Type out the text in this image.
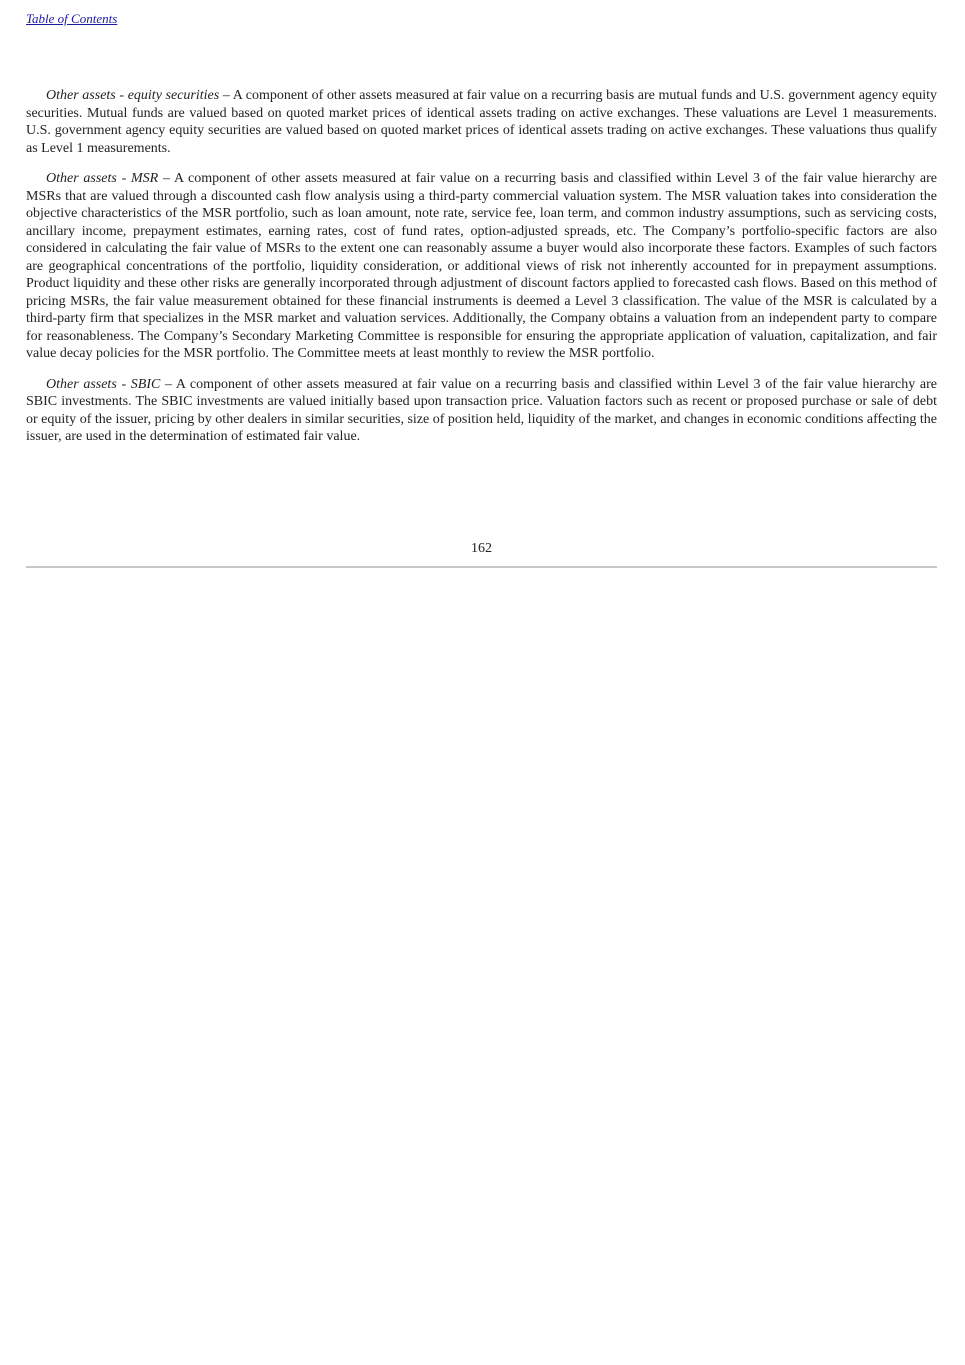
Table of Contents

Other assets - equity securities – A component of other assets measured at fair value on a recurring basis are mutual funds and U.S. government agency equity securities. Mutual funds are valued based on quoted market prices of identical assets trading on active exchanges. These valuations are Level 1 measurements. U.S. government agency equity securities are valued based on quoted market prices of identical assets trading on active exchanges. These valuations thus qualify as Level 1 measurements.

Other assets - MSR – A component of other assets measured at fair value on a recurring basis and classified within Level 3 of the fair value hierarchy are MSRs that are valued through a discounted cash flow analysis using a third-party commercial valuation system. The MSR valuation takes into consideration the objective characteristics of the MSR portfolio, such as loan amount, note rate, service fee, loan term, and common industry assumptions, such as servicing costs, ancillary income, prepayment estimates, earning rates, cost of fund rates, option-adjusted spreads, etc. The Company’s portfolio-specific factors are also considered in calculating the fair value of MSRs to the extent one can reasonably assume a buyer would also incorporate these factors. Examples of such factors are geographical concentrations of the portfolio, liquidity consideration, or additional views of risk not inherently accounted for in prepayment assumptions. Product liquidity and these other risks are generally incorporated through adjustment of discount factors applied to forecasted cash flows. Based on this method of pricing MSRs, the fair value measurement obtained for these financial instruments is deemed a Level 3 classification. The value of the MSR is calculated by a third-party firm that specializes in the MSR market and valuation services. Additionally, the Company obtains a valuation from an independent party to compare for reasonableness. The Company’s Secondary Marketing Committee is responsible for ensuring the appropriate application of valuation, capitalization, and fair value decay policies for the MSR portfolio. The Committee meets at least monthly to review the MSR portfolio.

Other assets - SBIC – A component of other assets measured at fair value on a recurring basis and classified within Level 3 of the fair value hierarchy are SBIC investments. The SBIC investments are valued initially based upon transaction price. Valuation factors such as recent or proposed purchase or sale of debt or equity of the issuer, pricing by other dealers in similar securities, size of position held, liquidity of the market, and changes in economic conditions affecting the issuer, are used in the determination of estimated fair value.

162
